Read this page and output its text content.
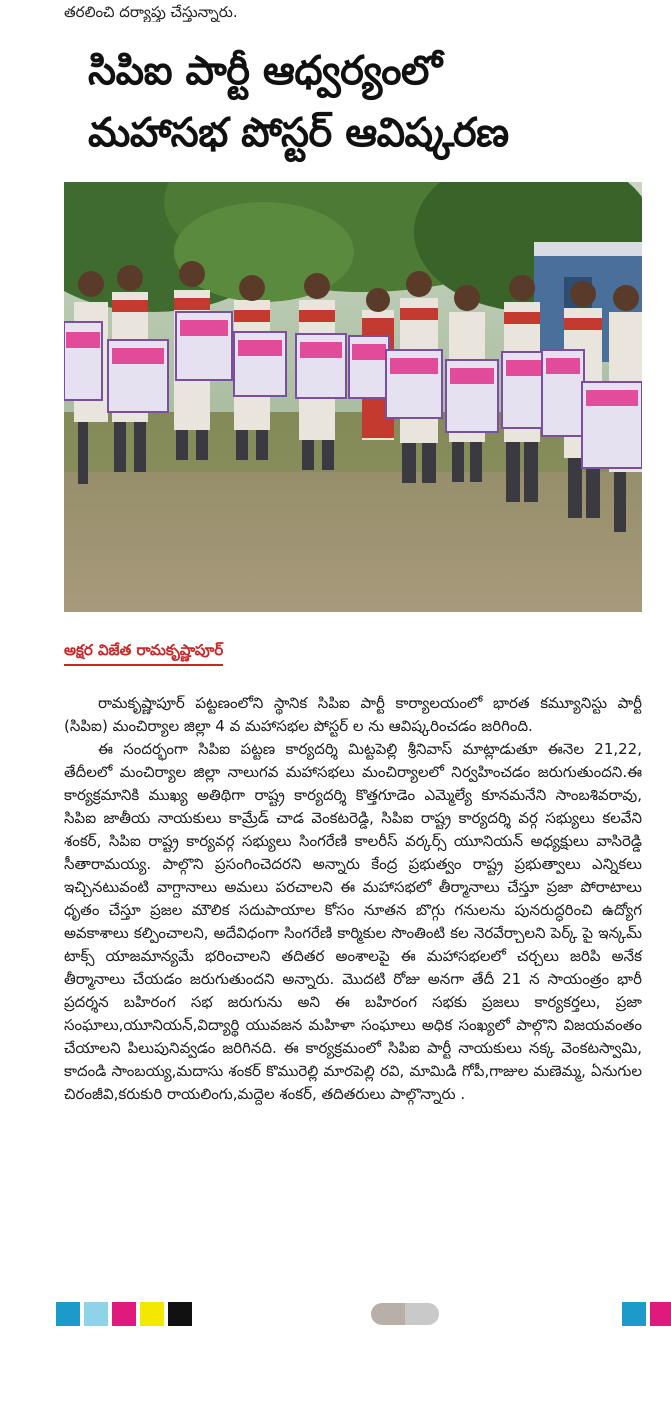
తరలించి దర్యాప్తు చేస్తున్నారు.
సిపిఐ పార్టీ ఆధ్వర్యంలో
మహాసభ పోస్టర్ ఆవిష్కరణ
అక్షర విజేత రామకృష్ణాపూర్

రామకృష్ణాపూర్ పట్టణంలోని స్థానిక సిపిఐ పార్టీ కార్యాలయంలో భారత కమ్యూనిస్టు పార్టీ (సిపిఐ) మంచిర్యాల జిల్లా 4 వ మహాసభల పోస్టర్ ల ను ఆవిష్కరించడం జరిగింది.

ఈ సందర్భంగా సిపిఐ పట్టణ కార్యదర్శి మిట్టపెల్లి శ్రీనివాస్ మాట్లాడుతూ ఈనెల 21,22, తేదీలలో మంచిర్యాల జిల్లా నాలుగవ మహాసభలు మంచిర్యాలలో నిర్వహించడం జరుగుతుందని.ఈ కార్యక్రమానికి ముఖ్య అతిథిగా రాష్ట్ర కార్యదర్శి కొత్తగూడెం ఎమ్మెల్యే కూనమనేని సాంబశివరావు, సిపిఐ జాతీయ నాయకులు కామ్రేడ్ చాడ వెంకటరెడ్డి, సిపిఐ రాష్ట్ర కార్యదర్శి వర్గ సభ్యులు కలవేని శంకర్, సిపిఐ రాష్ట్ర కార్యవర్గ సభ్యులు సింగరేణి కాలరీస్ వర్కర్స్ యూనియన్ అధ్యక్షులు వాసిరెడ్డి సీతారామయ్య. పాల్గొని ప్రసంగించెదరని అన్నారు కేంద్ర ప్రభుత్వం రాష్ట్ర ప్రభుత్వాలు ఎన్నికలు ఇచ్చినటువంటి వాగ్దానాలు అమలు పరచాలని ఈ మహాసభలో తీర్మానాలు చేస్తూ ప్రజా పోరాటాలు ధృతం చేస్తూ ప్రజల మౌలిక సదుపాయాల కోసం నూతన బొగ్గు గనులను పునరుద్ధరించి ఉద్యోగ అవకాశాలు కల్పించాలని, అదేవిధంగా సింగరేణి కార్మికుల సొంతింటి కల నెరవేర్చాలని పెర్క్ పై ఇన్కమ్ టాక్స్ యాజమాన్యమే భరించాలని తదితర అంశాలపై ఈ మహాసభలలో చర్చలు జరిపి అనేక తీర్మానాలు చేయడం జరుగుతుందని అన్నారు. మొదటి రోజు అనగా తేదీ 21 న సాయంత్రం భారీ ప్రదర్శన బహిరంగ సభ జరుగును అని ఈ బహిరంగ సభకు ప్రజలు కార్యకర్తలు, ప్రజా సంఘాలు,యూనియన్,విద్యార్థి యువజన మహిళా సంఘాలు అధిక సంఖ్యలో పాల్గొని విజయవంతం చేయాలని పిలుపునివ్వడం జరిగినది. ఈ కార్యక్రమంలో సిపిఐ పార్టీ నాయకులు నక్క వెంకటస్వామి, కాదండి సాంబయ్య,మదాసు శంకర్ కొమురెల్లి మారపెల్లి రవి, మామిడి గోపీ,గాజుల మణెమ్మ, ఏనుగుల చిరంజీవి,కరుకురి రాయలింగు,మద్దెల శంకర్, తదితరులు పాల్గొన్నారు .
